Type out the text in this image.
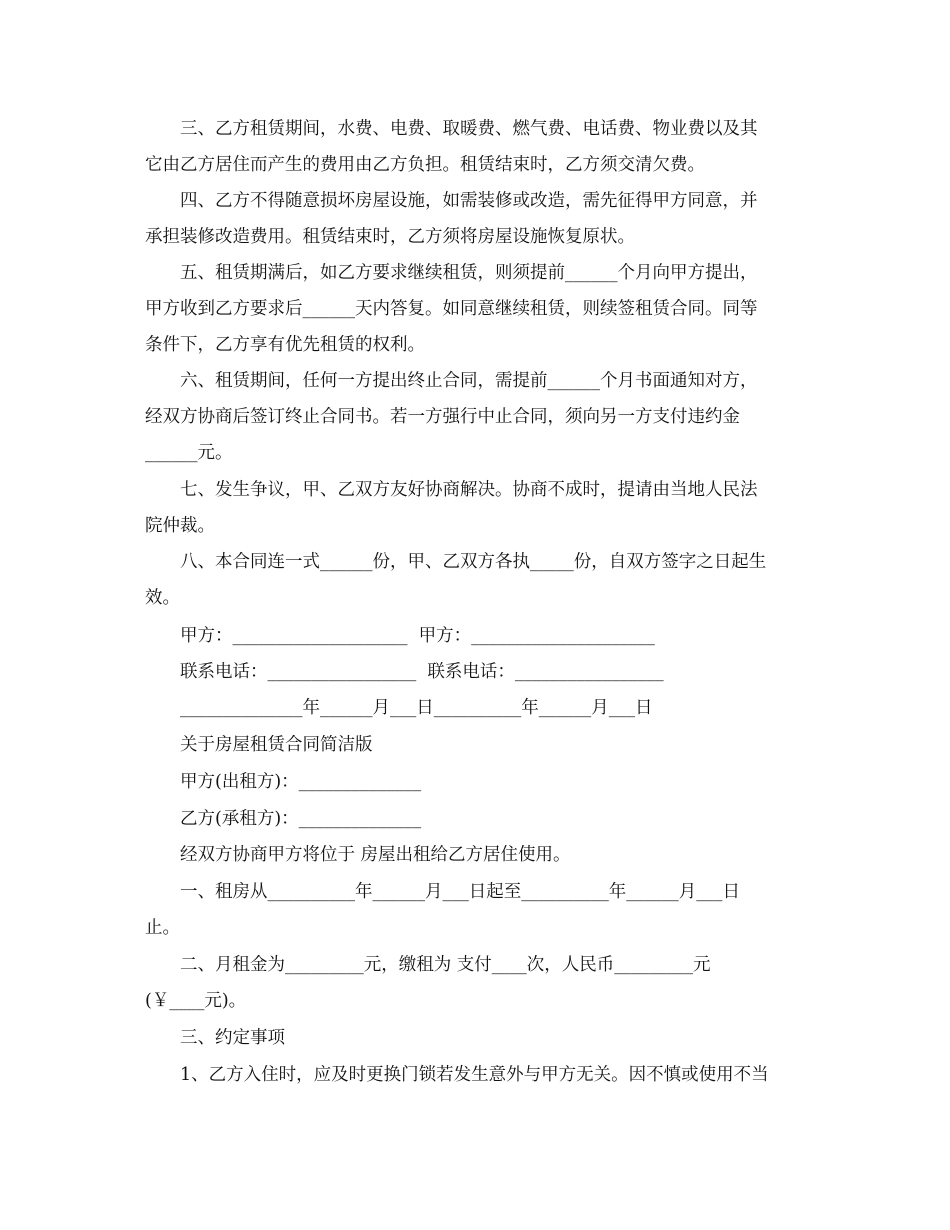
三、乙方租赁期间，水费、电费、取暖费、燃气费、电话费、物业费以及其
它由乙方居住而产生的费用由乙方负担。租赁结束时，乙方须交清欠费。
四、乙方不得随意损坏房屋设施，如需装修或改造，需先征得甲方同意，并
承担装修改造费用。租赁结束时，乙方须将房屋设施恢复原状。
五、租赁期满后，如乙方要求继续租赁，则须提前______个月向甲方提出，
甲方收到乙方要求后______天内答复。如同意继续租赁，则续签租赁合同。同等
条件下，乙方享有优先租赁的权利。
六、租赁期间，任何一方提出终止合同，需提前______个月书面通知对方，
经双方协商后签订终止合同书。若一方强行中止合同，须向另一方支付违约金
______元。
七、发生争议，甲、乙双方友好协商解决。协商不成时，提请由当地人民法
院仲裁。
八、本合同连一式______份，甲、乙双方各执_____份，自双方签字之日起生
效。
甲方：____________________  甲方：_____________________
联系电话：_________________  联系电话：_________________
______________年______月___日__________年______月___日
关于房屋租赁合同简洁版
甲方(出租方)：______________
乙方(承租方)：______________
经双方协商甲方将位于 房屋出租给乙方居住使用。
一、租房从__________年______月___日起至__________年______月___日
止。
二、月租金为_________元，缴租为 支付____次，人民币_________元
(￥____元)。
三、约定事项
1、乙方入住时，应及时更换门锁若发生意外与甲方无关。因不慎或使用不当
